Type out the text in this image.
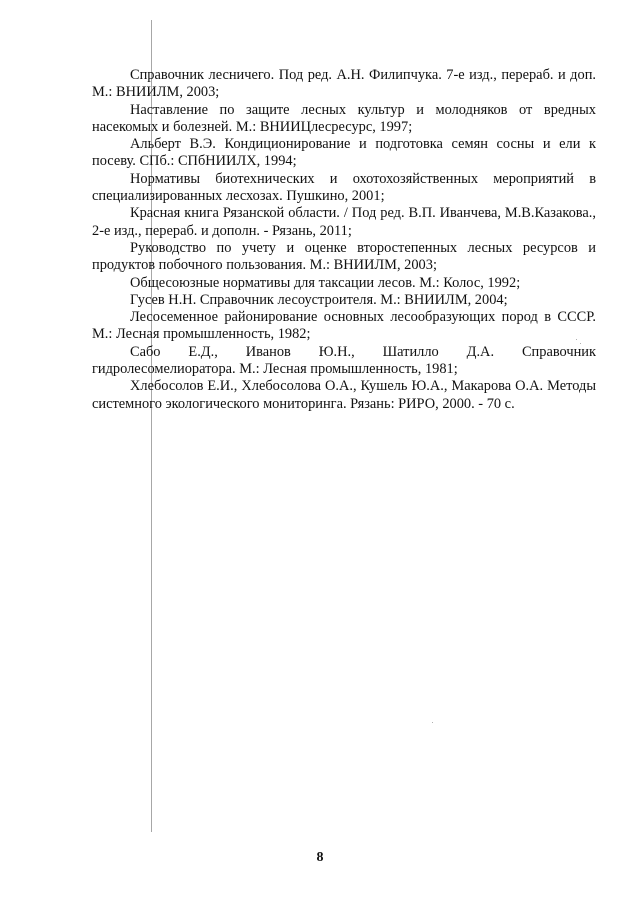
Справочник лесничего. Под ред. А.Н. Филипчука. 7-е изд., перераб. и доп. М.: ВНИИЛМ, 2003;

Наставление по защите лесных культур и молодняков от вредных насекомых и болезней. М.: ВНИИЦлесресурс, 1997;

Альберт В.Э. Кондиционирование и подготовка семян сосны и ели к посеву. СПб.: СПбНИИЛХ, 1994;

Нормативы биотехнических и охотохозяйственных мероприятий в специализированных лесхозах. Пушкино, 2001;

Красная книга Рязанской области. / Под ред. В.П. Иванчева, М.В.Казакова., 2-е изд., перераб. и дополн. - Рязань, 2011;

Руководство по учету и оценке второстепенных лесных ресурсов и продуктов побочного пользования. М.: ВНИИЛМ, 2003;

Общесоюзные нормативы для таксации лесов. М.: Колос, 1992;

Гусев Н.Н. Справочник лесоустроителя. М.: ВНИИЛМ, 2004;

Лесосеменное районирование основных лесообразующих пород в СССР. М.: Лесная промышленность, 1982;

Сабо Е.Д., Иванов Ю.Н., Шатилло Д.А. Справочник гидролесомелиоратора. М.: Лесная промышленность, 1981;

Хлебосолов Е.И., Хлебосолова О.А., Кушель Ю.А., Макарова О.А. Методы системного экологического мониторинга. Рязань: РИРО, 2000. - 70 с.

8
